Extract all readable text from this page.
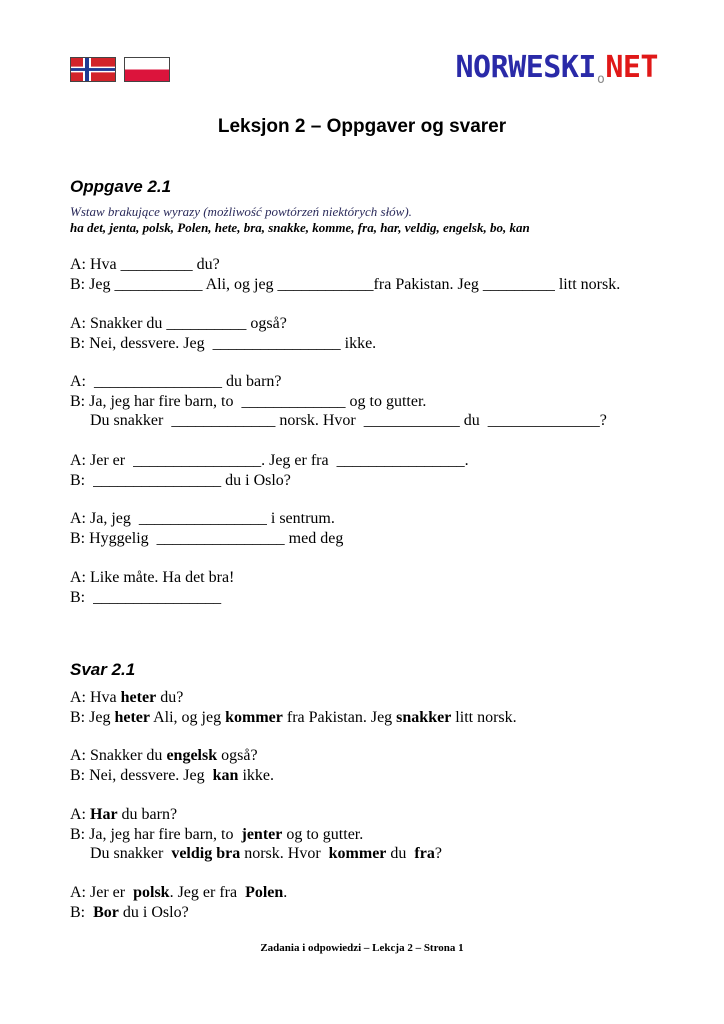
$NORWESKI_oNET$
Leksjon 2 – Oppgaver og svarer
Oppgave 2.1
Wstaw brakujące wyrazy (możliwość powtórzeń niektórych słów).
ha det, jenta, polsk, Polen, hete, bra, snakke, komme, fra, har, veldig, engelsk, bo, kan
A: Hva _________ du?
B: Jeg ___________ Ali, og jeg ____________fra Pakistan. Jeg _________ litt norsk.
A: Snakker du __________ også?
B: Nei, dessvere. Jeg  ________________ ikke.
A:  ________________ du barn?
B: Ja, jeg har fire barn, to  _____________ og to gutter.
Du snakker  _____________ norsk. Hvor  ____________ du  ______________?
A: Jer er  ________________. Jeg er fra  ________________.
B:  ________________ du i Oslo?
A: Ja, jeg  ________________ i sentrum.
B: Hyggelig  ________________ med deg
A: Like måte. Ha det bra!
B:  ________________
Svar 2.1
A: Hva heter du?
B: Jeg heter Ali, og jeg kommer fra Pakistan. Jeg snakker litt norsk.
A: Snakker du engelsk også?
B: Nei, dessvere. Jeg  kan ikke.
A: Har du barn?
B: Ja, jeg har fire barn, to  jenter og to gutter.
Du snakker  veldig bra norsk. Hvor  kommer du  fra?
A: Jer er  polsk. Jeg er fra  Polen.
B:  Bor du i Oslo?
Zadania i odpowiedzi – Lekcja 2 – Strona 1
